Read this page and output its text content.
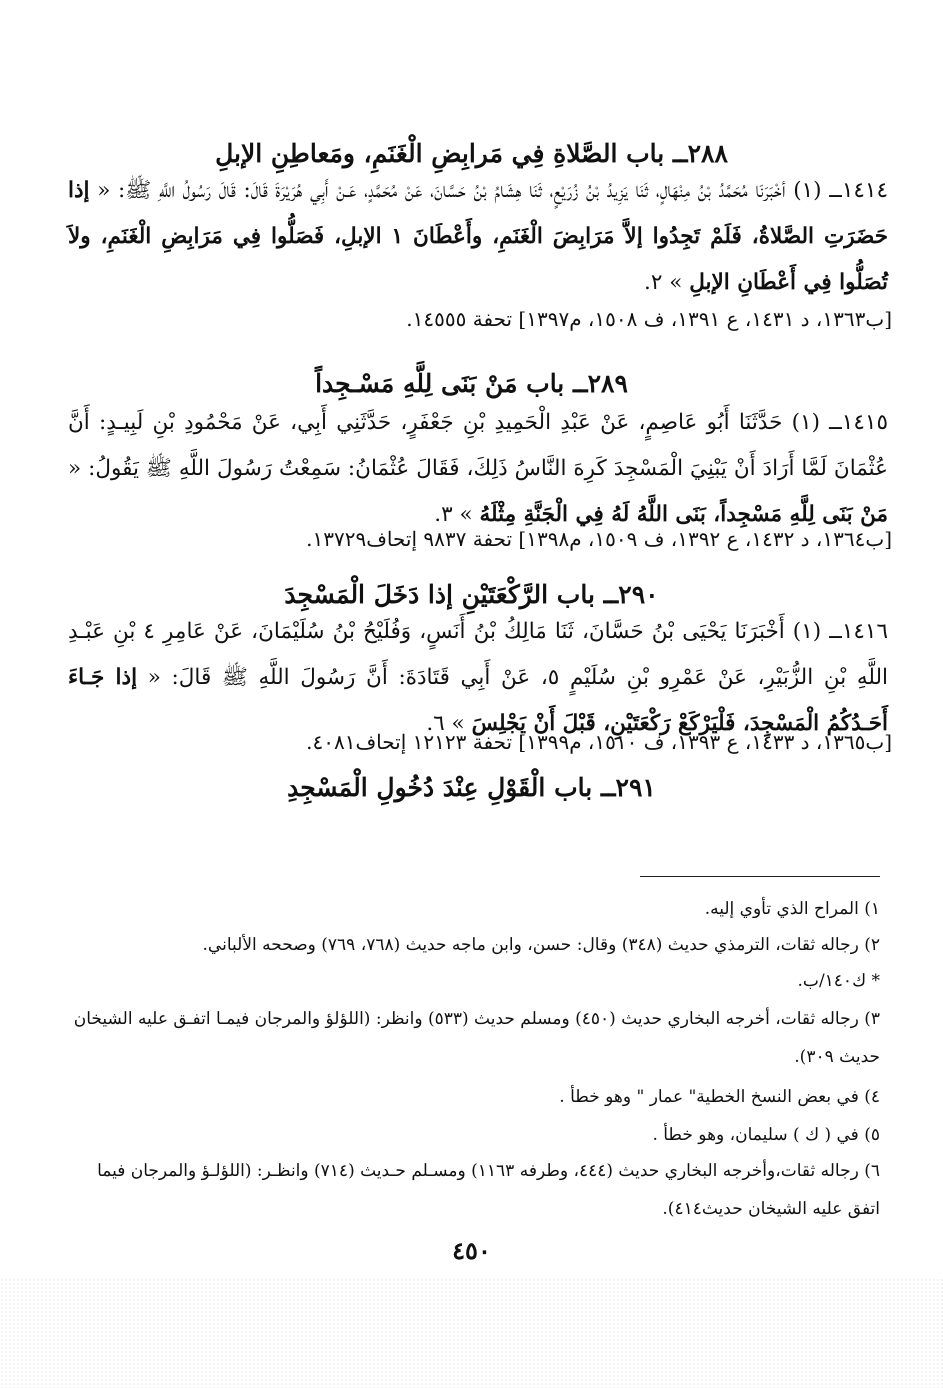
٢٨٨ــ باب الصَّلاةِ فِي مَرابِضِ الْغَنَمِ، ومَعاطِنِ الإبلِ
١٤١٤ــ (١) أخْبَرَنَا مُحَمَّدُ بْنُ مِنْهَالٍ، ثَنَا يَزِيدُ بْنُ زُرَيْعٍ، ثَنَا هِشَامُ بْنُ حَسَّانَ، عَنْ مُحَمَّدٍ، عَـنْ أَبِي هُرَيْرَةَ قَالَ: قَالَ رَسُولُ اللَّهِ ﷺ: « إذا حَضَرَتِ الصَّلاةُ، فَلَمْ تَجِدُوا إلاَّ مَرَابِضَ الْغَنَمِ، وأَعْطَانَ ١ الإبلِ، فَصَلُّوا فِي مَرَابِضِ الْغَنَمِ، ولاَ تُصَلُّوا فِي أَعْطَانِ الإبلِ » ٢.
[ب١٣٦٣، د ١٤٣١، ع ١٣٩١، ف ١٥٠٨، م١٣٩٧] تحفة ١٤٥٥٥.
٢٨٩ــ باب مَنْ بَنَى لِلَّهِ مَسْـجِداً
١٤١٥ــ (١) حَدَّثَنَا أَبُو عَاصِمٍ، عَنْ عَبْدِ الْحَمِيدِ بْنِ جَعْفَرٍ، حَدَّثَنِي أَبِي، عَنْ مَحْمُودِ بْنِ لَبِيـدٍ: أَنَّ عُثْمَانَ لَمَّا أَرَادَ أَنْ يَبْنِيَ الْمَسْجِدَ كَرِهَ النَّاسُ ذَلِكَ، فَقَالَ عُثْمَانُ: سَمِعْتُ رَسُولَ اللَّهِ ﷺ يَقُولُ: « مَنْ بَنَى لِلَّهِ مَسْجِداً، بَنَى اللَّهُ لَهُ فِي الْجَنَّةِ مِثْلَهُ » ٣.
[ب١٣٦٤، د ١٤٣٢، ع ١٣٩٢، ف ١٥٠٩، م١٣٩٨] تحفة ٩٨٣٧ إتحاف١٣٧٢٩.
٢٩٠ــ باب الرَّكْعَتَيْنِ إذا دَخَلَ الْمَسْجِدَ
١٤١٦ــ (١) أَخْبَرَنَا يَحْيَى بْنُ حَسَّانَ، ثَنَا مَالِكُ بْنُ أَنَسٍ، وَفُلَيْحُ بْنُ سُلَيْمَانَ، عَنْ عَامِرِ ٤ بْنِ عَبْـدِ اللَّهِ بْنِ الزُّبَيْرِ، عَنْ عَمْرِو بْنِ سُلَيْمٍ ٥، عَنْ أَبِي قَتَادَةَ: أَنَّ رَسُولَ اللَّهِ ﷺ قَالَ: « إذا جَـاءَ أَحَـدُكُمُ الْمَسْجِدَ، فَلْيَرْكَعْ رَكْعَتَيْنِ، قَبْلَ أَنْ يَجْلِسَ » ٦.
[ب١٣٦٥، د ١٤٣٣، ع ١٣٩٣، ف ١٥١٠، م١٣٩٩] تحفة ١٢١٢٣ إتحاف٤٠٨١.
٢٩١ــ باب الْقَوْلِ عِنْدَ دُخُولِ الْمَسْجِدِ
١) المراح الذي تأوي إليه.
٢) رجاله ثقات، الترمذي حديث (٣٤٨) وقال: حسن، وابن ماجه حديث (٧٦٨، ٧٦٩) وصححه الألباني.
* ك١٤٠/ب.
٣) رجاله ثقات، أخرجه البخاري حديث (٤٥٠) ومسلم حديث (٥٣٣) وانظر: (اللؤلؤ والمرجان فيمـا اتفـق عليه الشيخان حديث ٣٠٩).
٤) في بعض النسخ الخطية" عمار " وهو خطأ .
٥) في ( ك ) سليمان، وهو خطأ .
٦) رجاله ثقات،وأخرجه البخاري حديث (٤٤٤، وطرفه ١١٦٣) ومسـلم حـديث (٧١٤) وانظـر: (اللؤلـؤ والمرجان فيما اتفق عليه الشيخان حديث٤١٤).
٤٥٠
